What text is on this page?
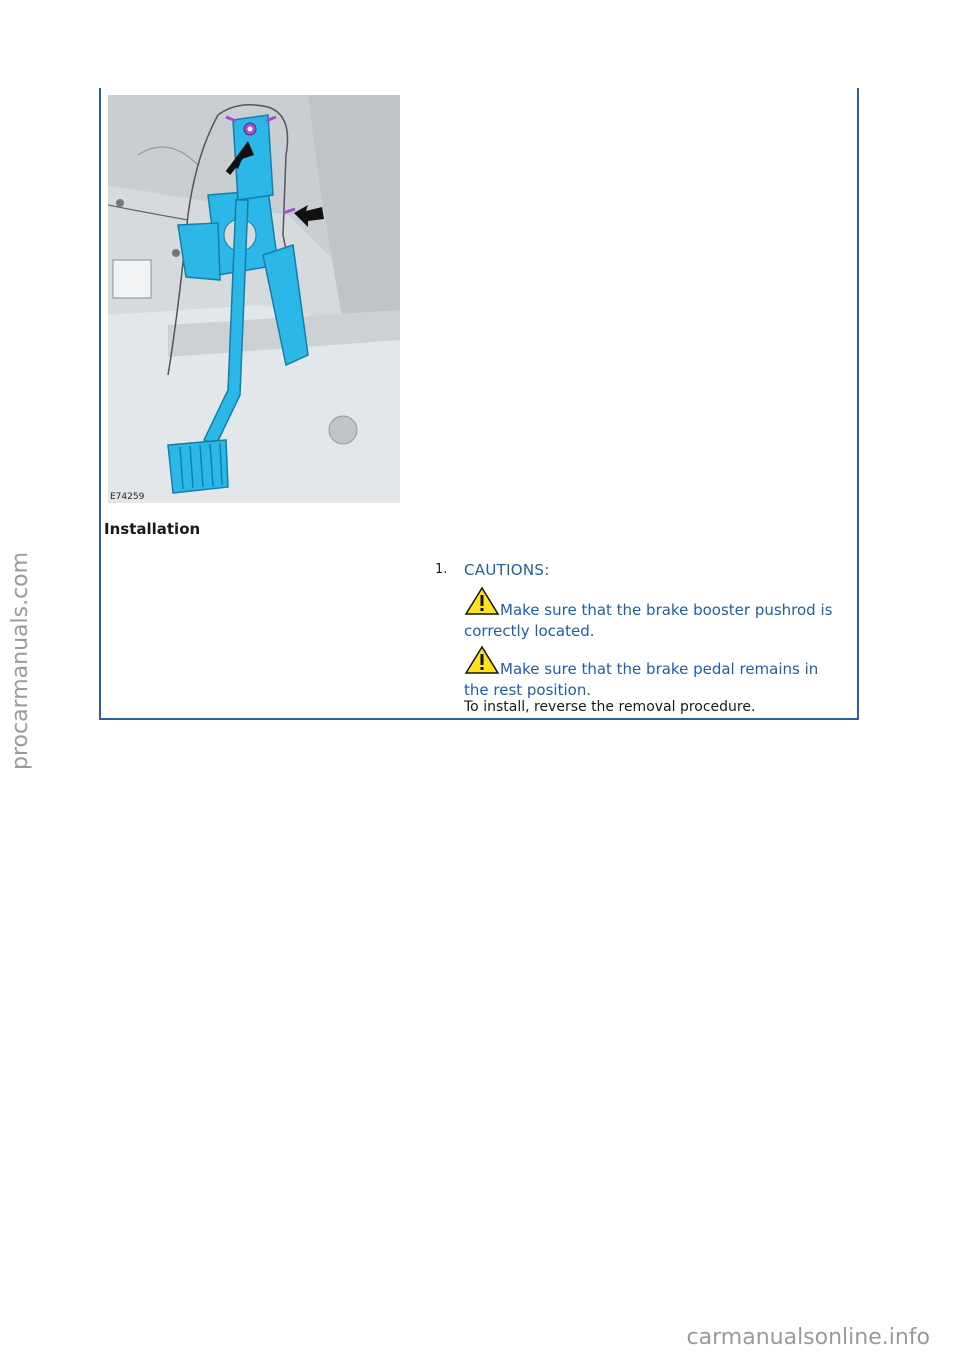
E74259
Installation
1. CAUTIONS:
Make sure that the brake booster pushrod is correctly located.
Make sure that the brake pedal remains in the rest position.
To install, reverse the removal procedure.
procarmanuals.com
carmanualsonline.info
